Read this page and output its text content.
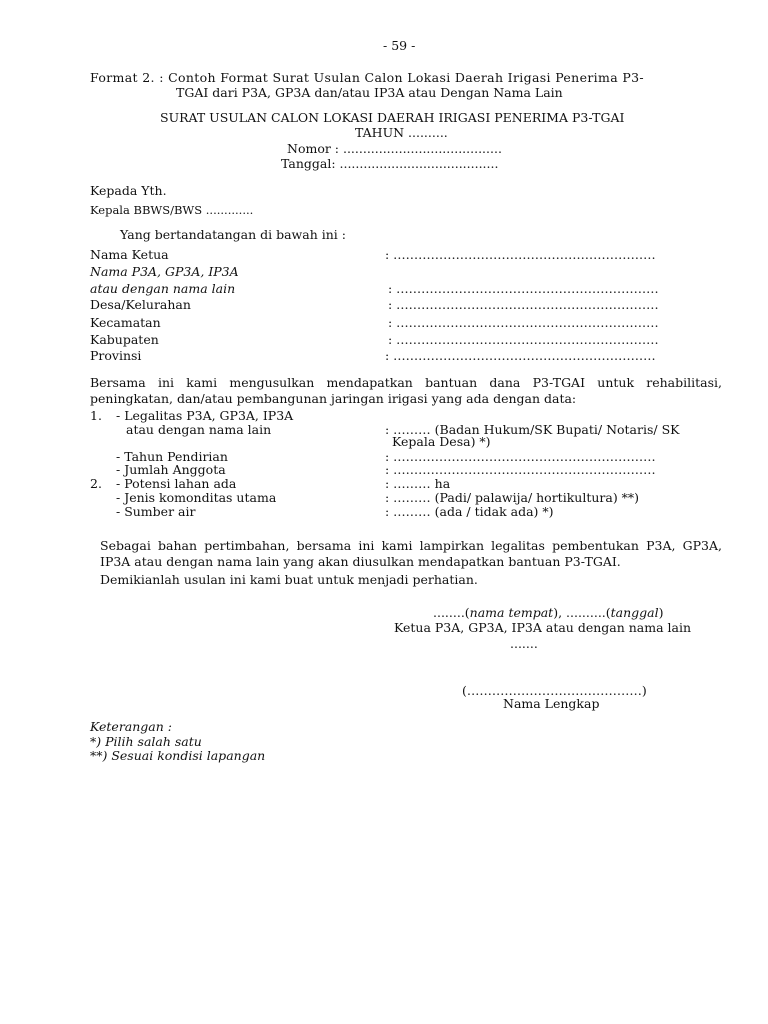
- 59 -
Format 2. : Contoh Format Surat Usulan Calon Lokasi Daerah Irigasi Penerima P3-
TGAI dari P3A, GP3A dan/atau IP3A atau Dengan Nama Lain
SURAT USULAN CALON LOKASI DAERAH IRIGASI PENERIMA P3-TGAI
TAHUN ..........
Nomor : ........................................
Tanggal: ........................................
Kepada Yth.
Kepala BBWS/BWS .............
Yang bertandatangan di bawah ini :
Nama Ketua	: ………………………………………………………
Nama P3A, GP3A, IP3A
atau dengan nama lain	: ………………………………………………………
Desa/Kelurahan	: ………………………………………………………
Kecamatan	: ………………………………………………………
Kabupaten	: ………………………………………………………
Provinsi	: ………………………………………………………
Bersama ini kami mengusulkan mendapatkan bantuan dana P3-TGAI untuk rehabilitasi, peningkatan, dan/atau pembangunan jaringan irigasi yang ada dengan data:
1. - Legalitas P3A, GP3A, IP3A
atau dengan nama lain	: ……… (Badan Hukum/SK Bupati/ Notaris/ SK
Kepala Desa) *)
- Tahun Pendirian	: ………………………………………………………
- Jumlah Anggota	: ………………………………………………………
2. - Potensi lahan ada	: ……… ha
- Jenis komonditas utama	: ……… (Padi/ palawija/ hortikultura) **)
- Sumber air	: ……… (ada / tidak ada) *)
Sebagai bahan pertimbahan, bersama ini kami lampirkan legalitas pembentukan P3A, GP3A, IP3A atau dengan nama lain yang akan diusulkan mendapatkan bantuan P3-TGAI.
Demikianlah usulan ini kami buat untuk menjadi perhatian.
........(nama tempat), ..........(tanggal)
Ketua P3A, GP3A, IP3A atau dengan nama lain
.......
(……………………………………)
Nama Lengkap
Keterangan :
*) Pilih salah satu
**) Sesuai kondisi lapangan
